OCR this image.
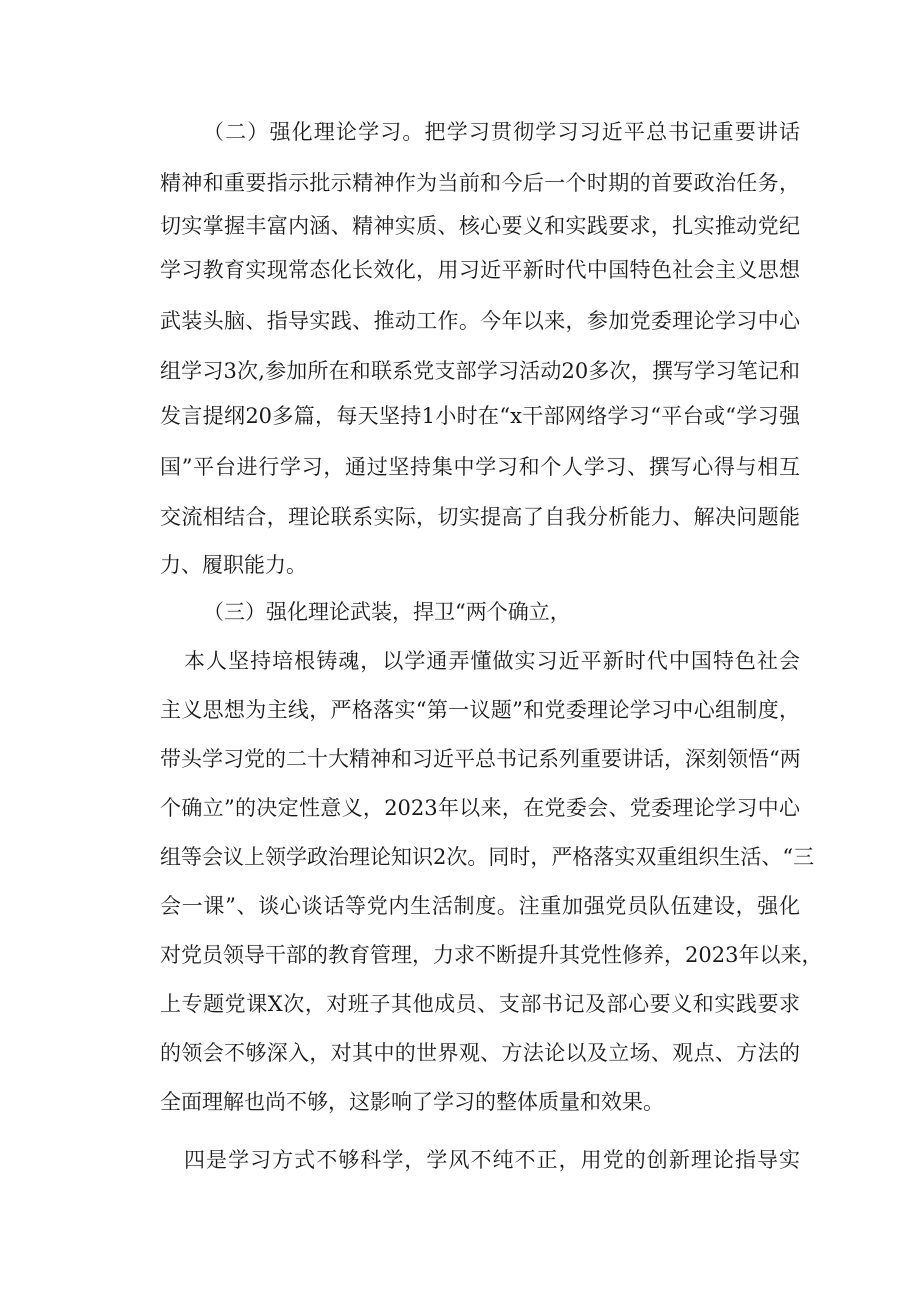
（二）强化理论学习。把学习贯彻学习习近平总书记重要讲话
精神和重要指示批示精神作为当前和今后一个时期的首要政治任务，
切实掌握丰富内涵、精神实质、核心要义和实践要求，扎实推动党纪
学习教育实现常态化长效化，用习近平新时代中国特色社会主义思想
武装头脑、指导实践、推动工作。今年以来，参加党委理论学习中心
组学习3次,参加所在和联系党支部学习活动20多次，撰写学习笔记和
发言提纲20多篇，每天坚持1小时在“x干部网络学习“平台或“学习强
国”平台进行学习，通过坚持集中学习和个人学习、撰写心得与相互
交流相结合，理论联系实际，切实提高了自我分析能力、解决问题能
力、履职能力。
（三）强化理论武装，捍卫“两个确立，
本人坚持培根铸魂，以学通弄懂做实习近平新时代中国特色社会
主义思想为主线，严格落实“第一议题”和党委理论学习中心组制度，
带头学习党的二十大精神和习近平总书记系列重要讲话，深刻领悟“两
个确立”的决定性意义，2023年以来，在党委会、党委理论学习中心
组等会议上领学政治理论知识2次。同时，严格落实双重组织生活、“三
会一课”、谈心谈话等党内生活制度。注重加强党员队伍建设，强化
对党员领导干部的教育管理，力求不断提升其党性修养，2023年以来，
上专题党课X次，对班子其他成员、支部书记及部心要义和实践要求
的领会不够深入，对其中的世界观、方法论以及立场、观点、方法的
全面理解也尚不够，这影响了学习的整体质量和效果。
四是学习方式不够科学，学风不纯不正，用党的创新理论指导实
